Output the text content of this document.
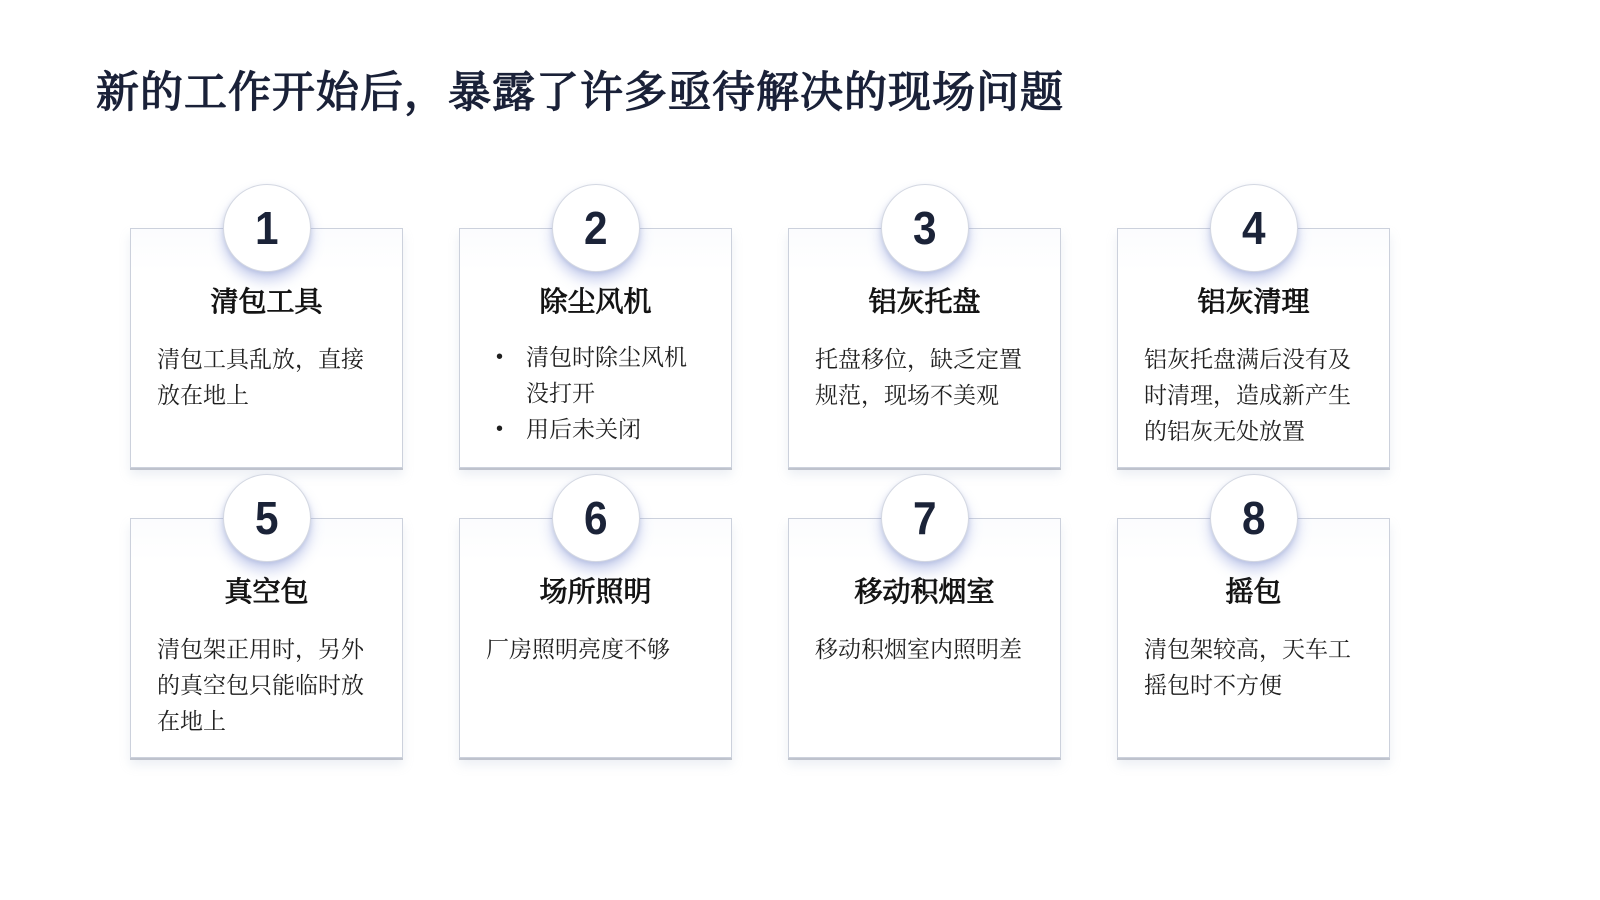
新的工作开始后，暴露了许多亟待解决的现场问题
1
清包工具
清包工具乱放，直接放在地上
2
除尘风机
• 清包时除尘风机没打开
• 用后未关闭
3
铝灰托盘
托盘移位，缺乏定置规范，现场不美观
4
铝灰清理
铝灰托盘满后没有及时清理，造成新产生的铝灰无处放置
5
真空包
清包架正用时，另外的真空包只能临时放在地上
6
场所照明
厂房照明亮度不够
7
移动积烟室
移动积烟室内照明差
8
摇包
清包架较高，天车工摇包时不方便
